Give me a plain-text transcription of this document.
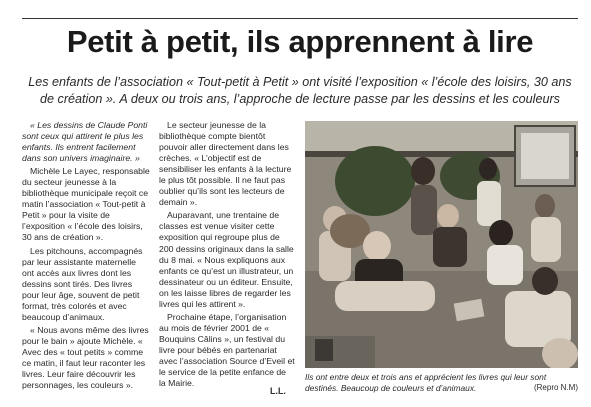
Petit à petit, ils apprennent à lire
Les enfants de l’association « Tout-petit à Petit » ont visité l’exposition « l’école des loisirs, 30 ans de création ». A deux ou trois ans, l’approche de lecture passe par les dessins et les couleurs

« Les dessins de Claude Ponti sont ceux qui attirent le plus les enfants. Ils entrent facilement dans son univers imaginaire. »

Michèle Le Layec, responsable du secteur jeunesse à la bibliothèque municipale reçoit ce matin l’association « Tout-petit à Petit » pour la visite de l’exposition « l’école des loisirs, 30 ans de création ».

Les pitchouns, accompagnés par leur assistante maternelle ont accès aux livres dont les dessins sont tirés. Des livres pour leur âge, souvent de petit format, très colorés et avec beaucoup d’animaux.

« Nous avons même des livres pour le bain » ajoute Michèle. « Avec des « tout petits » comme ce matin, il faut leur raconter les livres. Leur faire découvrir les personnages, les couleurs ».

Le secteur jeunesse de la bibliothèque compte bientôt pouvoir aller directement dans les crèches. « L’objectif est de sensibiliser les enfants à la lecture le plus tôt possible. Il ne faut pas oublier qu’ils sont les lecteurs de demain ».

Auparavant, une trentaine de classes est venue visiter cette exposition qui regroupe plus de 200 dessins originaux dans la salle du 8 mai. « Nous expliquons aux enfants ce qu’est un illustrateur, un dessinateur ou un éditeur. Ensuite, on les laisse libres de regarder les livres qui les attirent ».

Prochaine étape, l’organisation au mois de février 2001 de « Bouquins Câlins », un festival du livre pour bébés en partenariat avec l’association Source d’Eveil et le service de la petite enfance de la Mairie.

L.L.
Ils ont entre deux et trois ans et apprécient les livres qui leur sont destinés. Beaucoup de couleurs et d’animaux.	(Repro N.M)
